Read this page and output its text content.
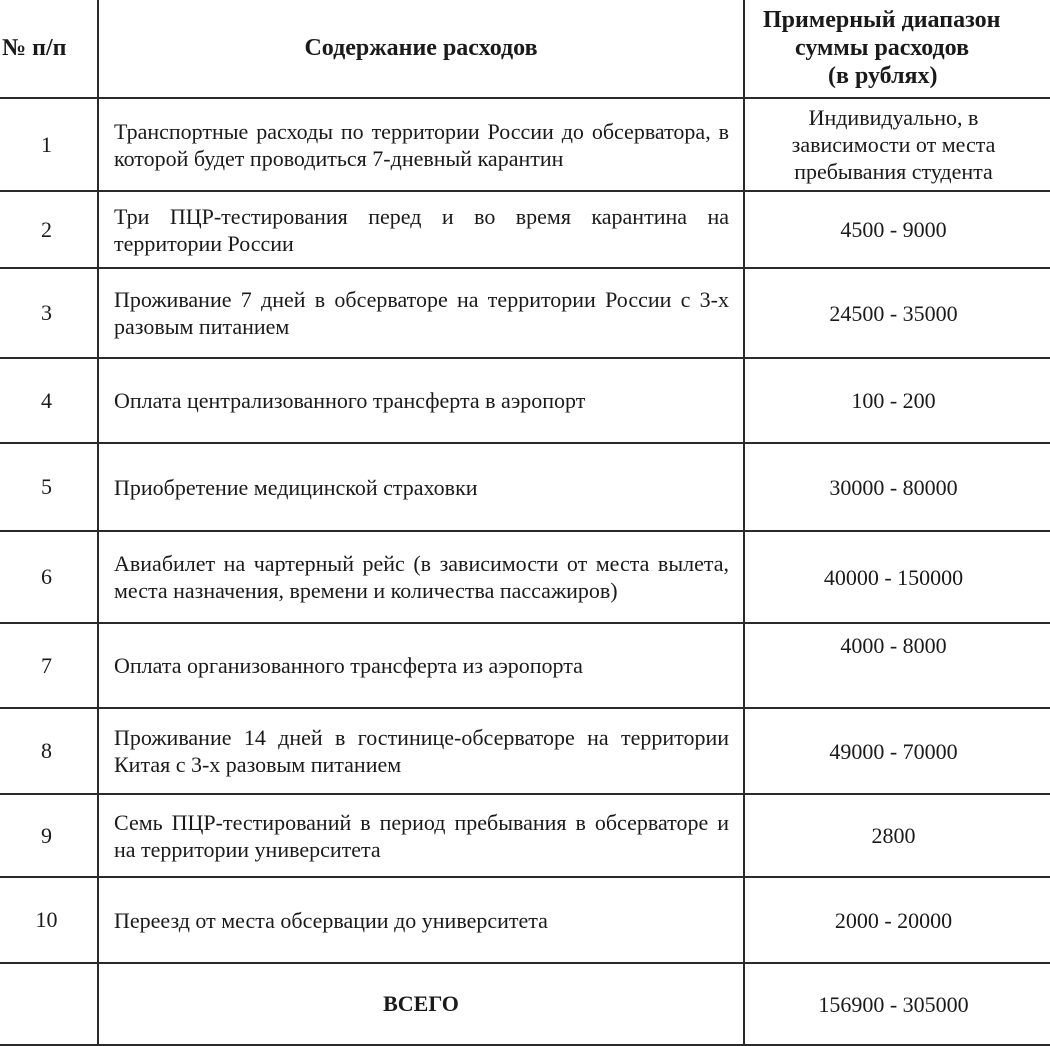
№ п/п	Содержание расходов	Примерный диапазон
суммы расходов
(в рублях)

1	Транспортные расходы по территории России до обсерватора, в которой будет проводиться 7-дневный карантин	Индивидуально, в
зависимости от места
пребывания студента

2	Три ПЦР-тестирования перед и во время карантина на территории России	4500 - 9000
3	Проживание 7 дней в обсерваторе на территории России с 3-х разовым питанием	24500 - 35000
4	Оплата централизованного трансферта в аэропорт	100 - 200
5	Приобретение медицинской страховки	30000 - 80000
6	Авиабилет на чартерный рейс (в зависимости от места вылета, места назначения, времени и количества пассажиров)	40000 - 150000
7	Оплата организованного трансферта из аэропорта	4000 - 8000
8	Проживание 14 дней в гостинице-обсерваторе на территории Китая с 3-х разовым питанием	49000 - 70000
9	Семь ПЦР-тестирований в период пребывания в обсерваторе и на территории университета	2800
10	Переезд от места обсервации до университета	2000 - 20000
	ВСЕГО	156900 - 305000
